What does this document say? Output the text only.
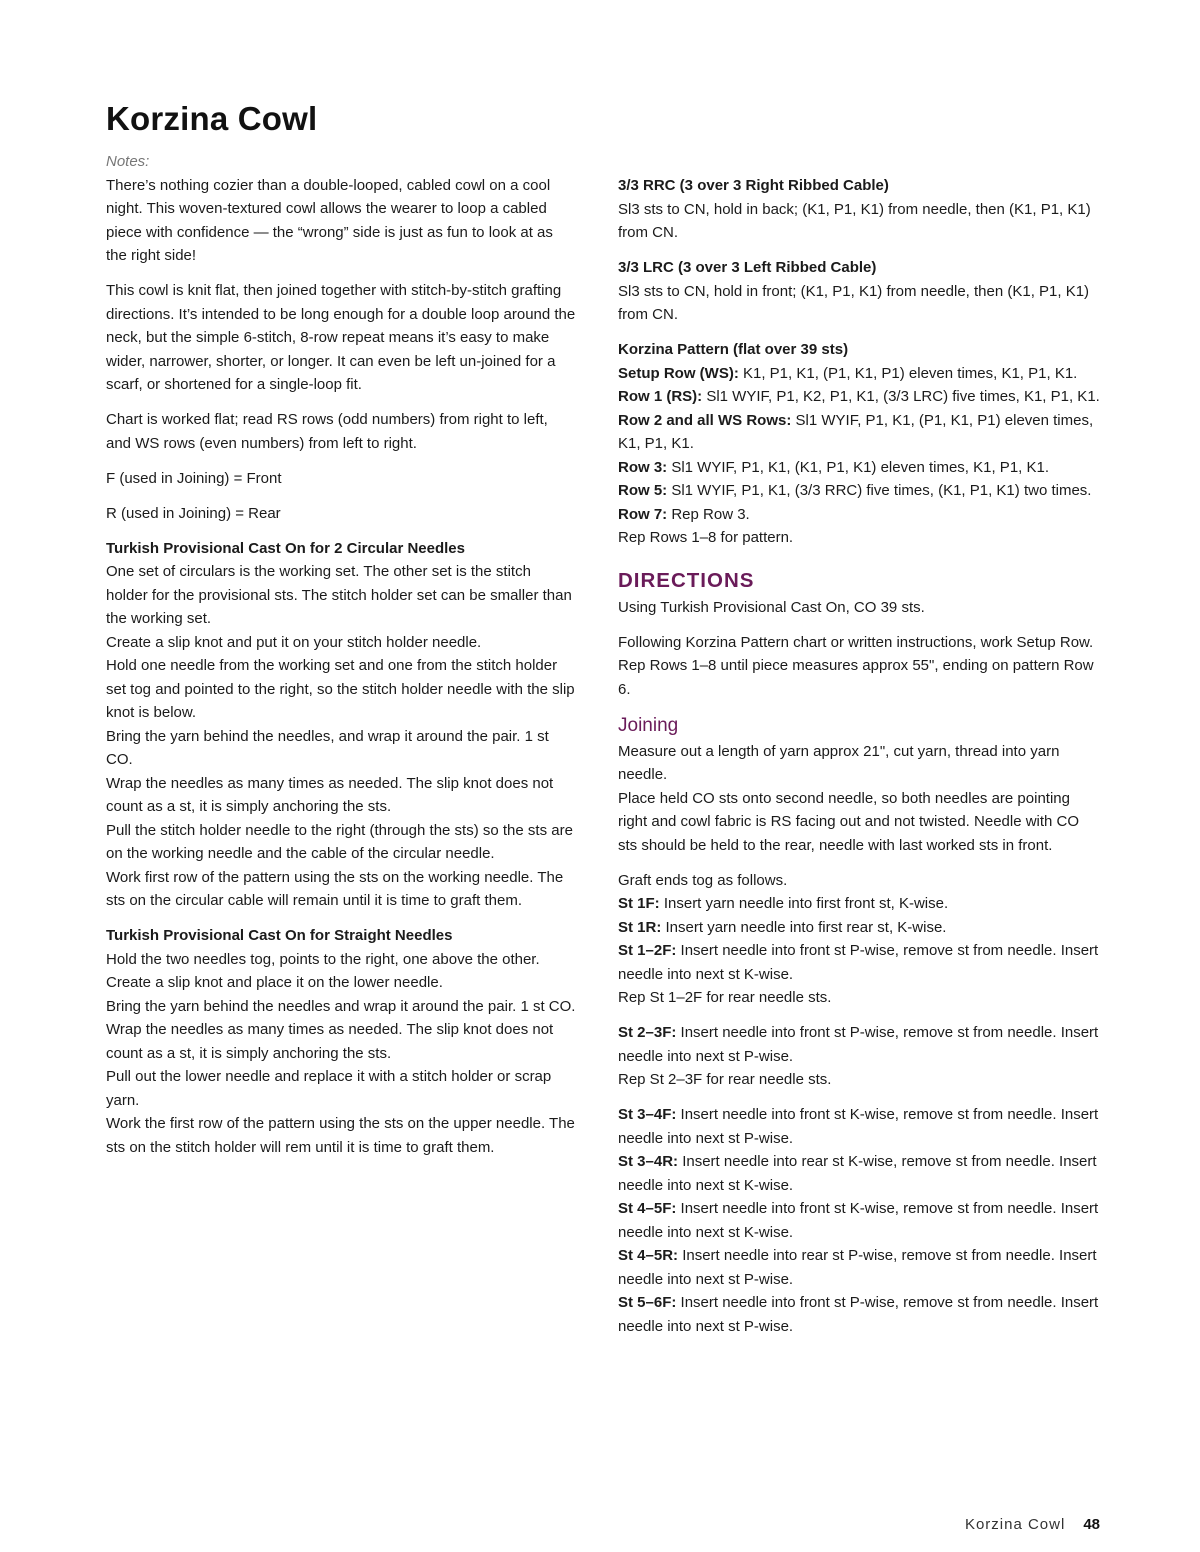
Korzina Cowl
Notes:

There’s nothing cozier than a double-looped, cabled cowl on a cool night. This woven-textured cowl allows the wearer to loop a cabled piece with confidence — the “wrong” side is just as fun to look at as the right side!

This cowl is knit flat, then joined together with stitch-by-stitch grafting directions. It’s intended to be long enough for a double loop around the neck, but the simple 6-stitch, 8-row repeat means it’s easy to make wider, narrower, shorter, or longer. It can even be left un-joined for a scarf, or shortened for a single-loop fit.

Chart is worked flat; read RS rows (odd numbers) from right to left, and WS rows (even numbers) from left to right.

F (used in Joining) = Front

R (used in Joining) = Rear

Turkish Provisional Cast On for 2 Circular Needles
One set of circulars is the working set. The other set is the stitch holder for the provisional sts. The stitch holder set can be smaller than the working set.
Create a slip knot and put it on your stitch holder needle.
Hold one needle from the working set and one from the stitch holder set tog and pointed to the right, so the stitch holder needle with the slip knot is below.
Bring the yarn behind the needles, and wrap it around the pair. 1 st CO.
Wrap the needles as many times as needed. The slip knot does not count as a st, it is simply anchoring the sts.
Pull the stitch holder needle to the right (through the sts) so the sts are on the working needle and the cable of the circular needle.
Work first row of the pattern using the sts on the working needle. The sts on the circular cable will remain until it is time to graft them.

Turkish Provisional Cast On for Straight Needles
Hold the two needles tog, points to the right, one above the other.
Create a slip knot and place it on the lower needle.
Bring the yarn behind the needles and wrap it around the pair. 1 st CO.
Wrap the needles as many times as needed. The slip knot does not count as a st, it is simply anchoring the sts.
Pull out the lower needle and replace it with a stitch holder or scrap yarn.
Work the first row of the pattern using the sts on the upper needle. The sts on the stitch holder will rem until it is time to graft them.

3/3 RRC (3 over 3 Right Ribbed Cable)
Sl3 sts to CN, hold in back; (K1, P1, K1) from needle, then (K1, P1, K1) from CN.

3/3 LRC (3 over 3 Left Ribbed Cable)
Sl3 sts to CN, hold in front; (K1, P1, K1) from needle, then (K1, P1, K1) from CN.

Korzina Pattern (flat over 39 sts)
Setup Row (WS): K1, P1, K1, (P1, K1, P1) eleven times, K1, P1, K1.
Row 1 (RS): Sl1 WYIF, P1, K2, P1, K1, (3/3 LRC) five times, K1, P1, K1.
Row 2 and all WS Rows: Sl1 WYIF, P1, K1, (P1, K1, P1) eleven times, K1, P1, K1.
Row 3: Sl1 WYIF, P1, K1, (K1, P1, K1) eleven times, K1, P1, K1.
Row 5: Sl1 WYIF, P1, K1, (3/3 RRC) five times, (K1, P1, K1) two times.
Row 7: Rep Row 3.
Rep Rows 1–8 for pattern.

DIRECTIONS

Using Turkish Provisional Cast On, CO 39 sts.

Following Korzina Pattern chart or written instructions, work Setup Row.
Rep Rows 1–8 until piece measures approx 55", ending on pattern Row 6.

Joining

Measure out a length of yarn approx 21", cut yarn, thread into yarn needle.
Place held CO sts onto second needle, so both needles are pointing right and cowl fabric is RS facing out and not twisted. Needle with CO sts should be held to the rear, needle with last worked sts in front.

Graft ends tog as follows.
St 1F: Insert yarn needle into first front st, K-wise.
St 1R: Insert yarn needle into first rear st, K-wise.
St 1–2F: Insert needle into front st P-wise, remove st from needle. Insert needle into next st K-wise.
Rep St 1–2F for rear needle sts.

St 2–3F: Insert needle into front st P-wise, remove st from needle. Insert needle into next st P-wise.
Rep St 2–3F for rear needle sts.

St 3–4F: Insert needle into front st K-wise, remove st from needle. Insert needle into next st P-wise.
St 3–4R: Insert needle into rear st K-wise, remove st from needle. Insert needle into next st K-wise.
St 4–5F: Insert needle into front st K-wise, remove st from needle. Insert needle into next st K-wise.
St 4–5R: Insert needle into rear st P-wise, remove st from needle. Insert needle into next st P-wise.
St 5–6F: Insert needle into front st P-wise, remove st from needle. Insert needle into next st P-wise.

Korzina Cowl 48
